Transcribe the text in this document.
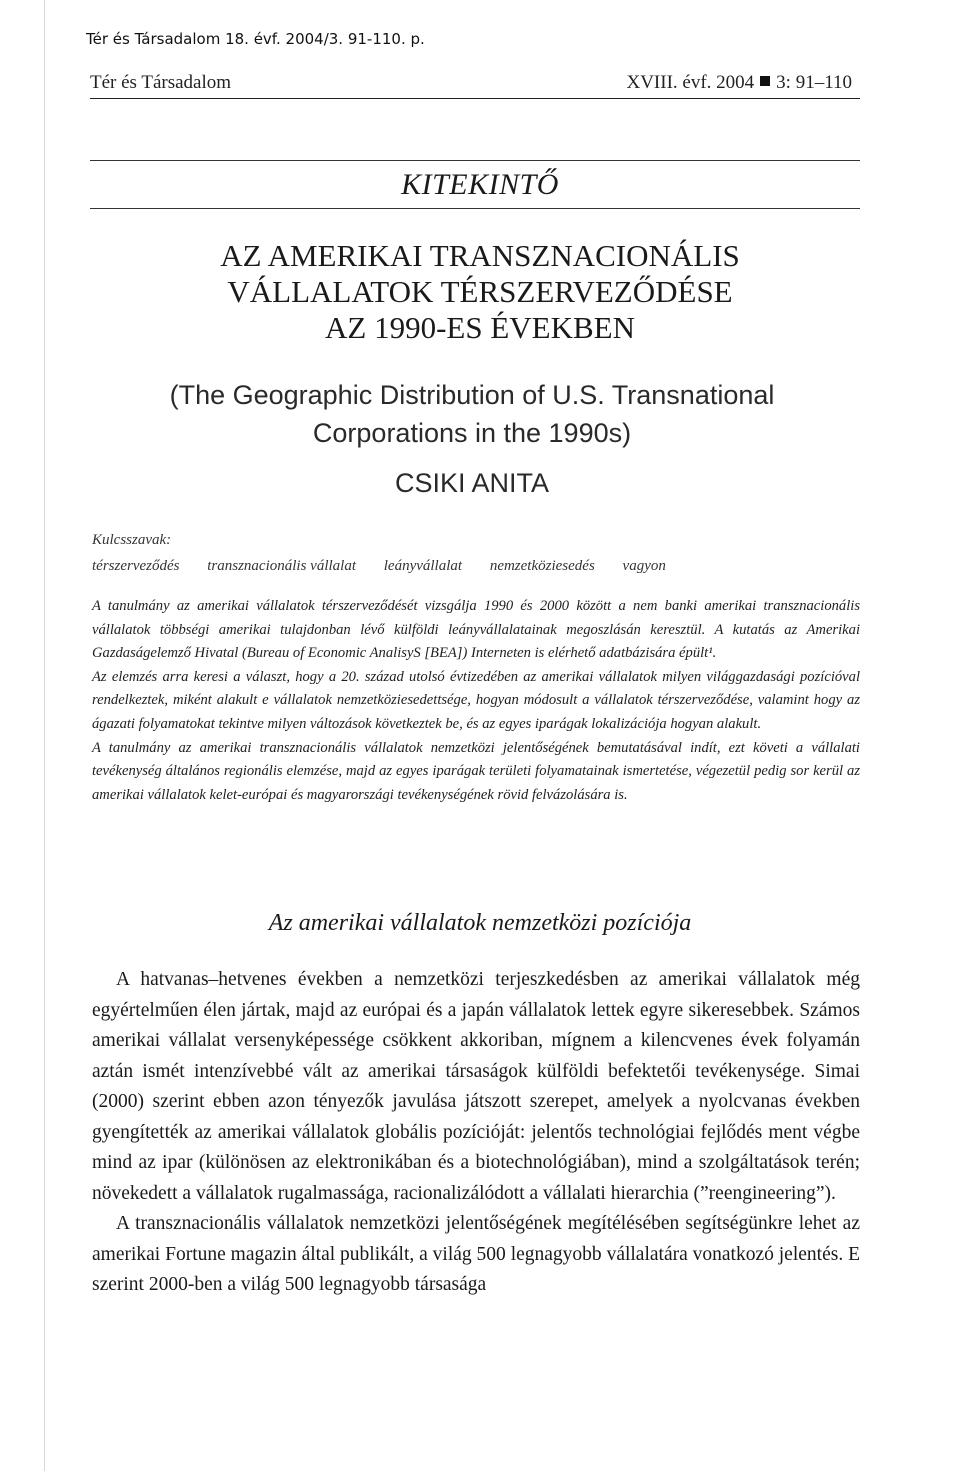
Tér és Társadalom 18. évf. 2004/3. 91-110. p.
Tér és Társadalom	XVIII. évf. 2004 3: 91–110
KITEKINTŐ
AZ AMERIKAI TRANSZNACIONÁLIS
VÁLLALATOK TÉRSZERVEZŐDÉSE
AZ 1990-ES ÉVEKBEN
(The Geographic Distribution of U.S. Transnational
Corporations in the 1990s)
CSIKI ANITA
Kulcsszavak:
térszerveződés transznacionális vállalat leányvállalat nemzetköziesedés vagyon

A tanulmány az amerikai vállalatok térszerveződését vizsgálja 1990 és 2000 között a nem banki amerikai transznacionális vállalatok többségi amerikai tulajdonban lévő külföldi leányvállalatainak megoszlásán keresztül. A kutatás az Amerikai Gazdaságelemző Hivatal (Bureau of Economic AnalisyS [BEA]) Interneten is elérhető adatbázisára épült¹.

Az elemzés arra keresi a választ, hogy a 20. század utolsó évtizedében az amerikai vállalatok milyen világgazdasági pozícióval rendelkeztek, miként alakult e vállalatok nemzetköziesedettsége, hogyan módosult a vállalatok térszerveződése, valamint hogy az ágazati folyamatokat tekintve milyen változások következtek be, és az egyes iparágak lokalizációja hogyan alakult.

A tanulmány az amerikai transznacionális vállalatok nemzetközi jelentőségének bemutatásával indít, ezt követi a vállalati tevékenység általános regionális elemzése, majd az egyes iparágak területi folyamatainak ismertetése, végezetül pedig sor kerül az amerikai vállalatok kelet-európai és magyarországi tevékenységének rövid felvázolására is.

Az amerikai vállalatok nemzetközi pozíciója

A hatvanas–hetvenes években a nemzetközi terjeszkedésben az amerikai vállalatok még egyértelműen élen jártak, majd az európai és a japán vállalatok lettek egyre sikeresebbek. Számos amerikai vállalat versenyképessége csökkent akkoriban, mígnem a kilencvenes évek folyamán aztán ismét intenzívebbé vált az amerikai társaságok külföldi befektetői tevékenysége. Simai (2000) szerint ebben azon tényezők javulása játszott szerepet, amelyek a nyolcvanas években gyengítették az amerikai vállalatok globális pozícióját: jelentős technológiai fejlődés ment végbe mind az ipar (különösen az elektronikában és a biotechnológiában), mind a szolgáltatások terén; növekedett a vállalatok rugalmassága, racionalizálódott a vállalati hierarchia (”reengineering”).

A transznacionális vállalatok nemzetközi jelentőségének megítélésében segítségünkre lehet az amerikai Fortune magazin által publikált, a világ 500 legnagyobb vállalatára vonatkozó jelentés. E szerint 2000-ben a világ 500 legnagyobb társasága
